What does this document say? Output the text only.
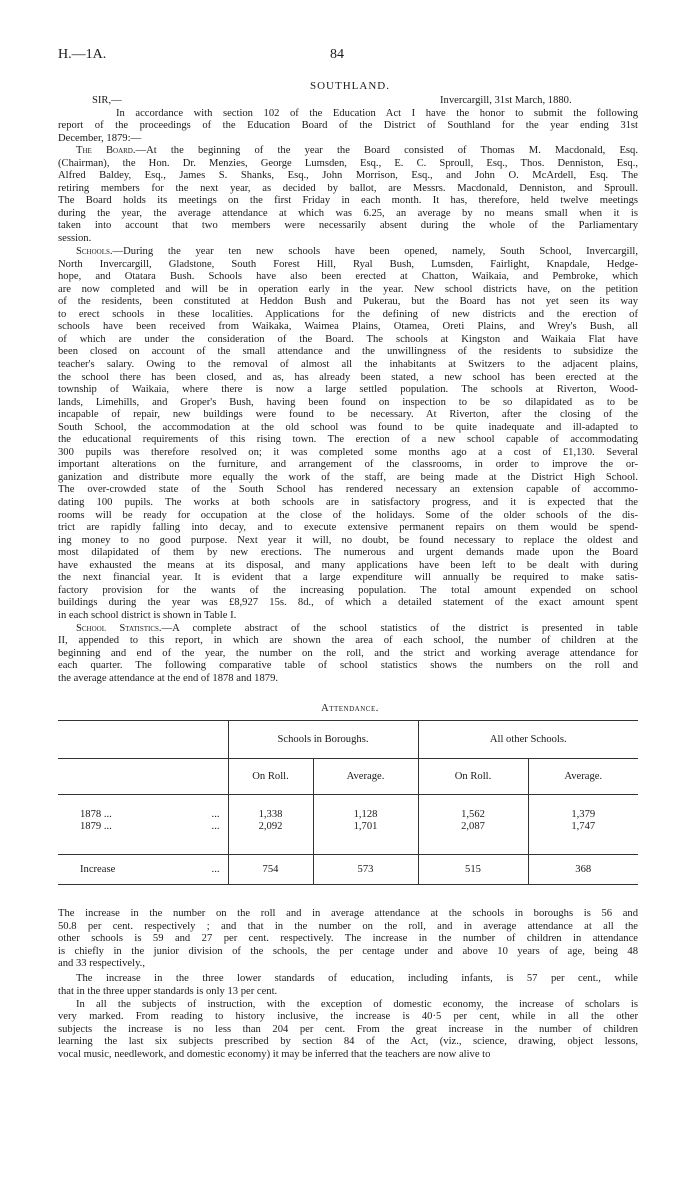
H.—1A.	84
SOUTHLAND.
SIR,—	Invercargill, 31st March, 1880.
In accordance with section 102 of the Education Act I have the honor to submit the following
report of the proceedings of the Education Board of the District of Southland for the year ending 31st
December, 1879:—
The Board.—At the beginning of the year the Board consisted of Thomas M. Macdonald, Esq.
(Chairman), the Hon. Dr. Menzies, George Lumsden, Esq., E. C. Sproull, Esq., Thos. Denniston, Esq.,
Alfred Baldey, Esq., James S. Shanks, Esq., John Morrison, Esq., and John O. McArdell, Esq. The
retiring members for the next year, as decided by ballot, are Messrs. Macdonald, Denniston, and Sproull.
The Board holds its meetings on the first Friday in each month. It has, therefore, held twelve meetings
during the year, the average attendance at which was 6.25, an average by no means small when it is
taken into account that two members were necessarily absent during the whole of the Parliamentary
session.
Schools.—During the year ten new schools have been opened, namely, South School, Invercargill,
North Invercargill, Gladstone, South Forest Hill, Ryal Bush, Lumsden, Fairlight, Knapdale, Hedge-
hope, and Otatara Bush. Schools have also been erected at Chatton, Waikaia, and Pembroke, which
are now completed and will be in operation early in the year. New school districts have, on the petition
of the residents, been constituted at Heddon Bush and Pukerau, but the Board has not yet seen its way
to erect schools in these localities. Applications for the defining of new districts and the erection of
schools have been received from Waikaka, Waimea Plains, Otamea, Oreti Plains, and Wrey's Bush, all
of which are under the consideration of the Board. The schools at Kingston and Waikaia Flat have
been closed on account of the small attendance and the unwillingness of the residents to subsidize the
teacher's salary. Owing to the removal of almost all the inhabitants at Switzers to the adjacent plains,
the school there has been closed, and as, has already been stated, a new school has been erected at the
township of Waikaia, where there is now a large settled population. The schools at Riverton, Wood-
lands, Limehills, and Groper's Bush, having been found on inspection to be so dilapidated as to be
incapable of repair, new buildings were found to be necessary. At Riverton, after the closing of the
South School, the accommodation at the old school was found to be quite inadequate and ill-adapted to
the educational requirements of this rising town. The erection of a new school capable of accommodating
300 pupils was therefore resolved on; it was completed some months ago at a cost of £1,130. Several
important alterations on the furniture, and arrangement of the classrooms, in order to improve the or-
ganization and distribute more equally the work of the staff, are being made at the District High School.
The over-crowded state of the South School has rendered necessary an extension capable of accommo-
dating 100 pupils. The works at both schools are in satisfactory progress, and it is expected that the
rooms will be ready for occupation at the close of the holidays. Some of the older schools of the dis-
trict are rapidly falling into decay, and to execute extensive permanent repairs on them would be spend-
ing money to no good purpose. Next year it will, no doubt, be found necessary to replace the oldest and
most dilapidated of them by new erections. The numerous and urgent demands made upon the Board
have exhausted the means at its disposal, and many applications have been left to be dealt with during
the next financial year. It is evident that a large expenditure will annually be required to make satis-
factory provision for the wants of the increasing population. The total amount expended on school
buildings during the year was £8,927 15s. 8d., of which a detailed statement of the exact amount spent
in each school district is shown in Table I.
School Statistics.—A complete abstract of the school statistics of the district is presented in table
II, appended to this report, in which are shown the area of each school, the number of children at the
beginning and end of the year, the number on the roll, and the strict and working average attendance for
each quarter. The following comparative table of school statistics shows the numbers on the roll and
the average attendance at the end of 1878 and 1879.
Attendance.
		Schools in Boroughs.		All other Schools.	
		On Roll.	Average.	On Roll.	Average.

1878 ...	...	1,338	1,128	1,562	1,379
1879 ...	...	2,092	1,701	2,087	1,747

Increase	...	754	573	515	368

The increase in the number on the roll and in average attendance at the schools in boroughs is 56 and
50.8 per cent. respectively ; and that in the number on the roll, and in average attendance at all the
other schools is 59 and 27 per cent. respectively. The increase in the number of children in attendance
is chiefly in the junior division of the schools, the per centage under and above 10 years of age, being 48
and 33 respectively.,
The increase in the three lower standards of education, including infants, is 57 per cent., while
that in the three upper standards is only 13 per cent.
In all the subjects of instruction, with the exception of domestic economy, the increase of scholars is
very marked. From reading to history inclusive, the increase is 40·5 per cent, while in all the other
subjects the increase is no less than 204 per cent. From the great increase in the number of children
learning the last six subjects prescribed by section 84 of the Act, (viz., science, drawing, object lessons,
vocal music, needlework, and domestic economy) it may be inferred that the teachers are now alive to
